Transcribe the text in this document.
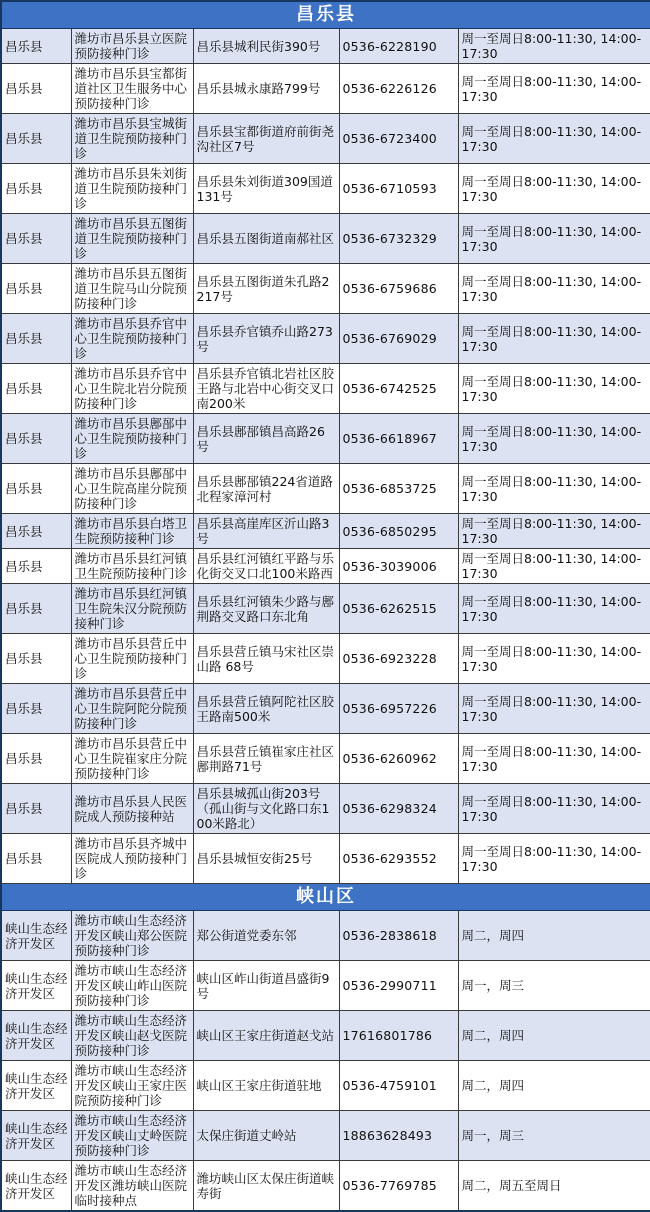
昌乐县				
昌乐县	潍坊市昌乐县立医院预防接种门诊	昌乐县城利民街390号	0536-6228190	周一至周日8:00-11:30, 14:00-17:30
昌乐县	潍坊市昌乐县宝都街道社区卫生服务中心预防接种门诊	昌乐县城永康路799号	0536-6226126	周一至周日8:00-11:30, 14:00-17:30
昌乐县	潍坊市昌乐县宝城街道卫生院预防接种门诊	昌乐县宝都街道府前街尧沟社区7号	0536-6723400	周一至周日8:00-11:30, 14:00-17:30
昌乐县	潍坊市昌乐县朱刘街道卫生院预防接种门诊	昌乐县朱刘街道309国道131号	0536-6710593	周一至周日8:00-11:30, 14:00-17:30
昌乐县	潍坊市昌乐县五图街道卫生院预防接种门诊	昌乐县五图街道南郝社区	0536-6732329	周一至周日8:00-11:30, 14:00-17:30
昌乐县	潍坊市昌乐县五图街道卫生院马山分院预防接种门诊	昌乐县五图街道朱孔路2217号	0536-6759686	周一至周日8:00-11:30, 14:00-17:30
昌乐县	潍坊市昌乐县乔官中心卫生院预防接种门诊	昌乐县乔官镇乔山路273号	0536-6769029	周一至周日8:00-11:30, 14:00-17:30
昌乐县	潍坊市昌乐县乔官中心卫生院北岩分院预防接种门诊	昌乐县乔官镇北岩社区胶王路与北岩中心街交叉口南200米	0536-6742525	周一至周日8:00-11:30, 14:00-17:30
昌乐县	潍坊市昌乐县鄌郚中心卫生院预防接种门诊	昌乐县鄌郚镇昌高路26号	0536-6618967	周一至周日8:00-11:30, 14:00-17:30
昌乐县	潍坊市昌乐县鄌郚中心卫生院高崖分院预防接种门诊	昌乐县鄌郚镇224省道路北程家漳河村	0536-6853725	周一至周日8:00-11:30, 14:00-17:30
昌乐县	潍坊市昌乐县白塔卫生院预防接种门诊	昌乐县高崖库区沂山路3号	0536-6850295	周一至周日8:00-11:30, 14:00-17:30
昌乐县	潍坊市昌乐县红河镇卫生院预防接种门诊	昌乐县红河镇红平路与乐化街交叉口北100米路西	0536-3039006	周一至周日8:00-11:30, 14:00-17:30
昌乐县	潍坊市昌乐县红河镇卫生院朱汉分院预防接种门诊	昌乐县红河镇朱少路与鄌荆路交叉路口东北角	0536-6262515	周一至周日8:00-11:30, 14:00-17:30
昌乐县	潍坊市昌乐县营丘中心卫生院预防接种门诊	昌乐县营丘镇马宋社区崇山路 68号	0536-6923228	周一至周日8:00-11:30, 14:00-17:30
昌乐县	潍坊市昌乐县营丘中心卫生院阿陀分院预防接种门诊	昌乐县营丘镇阿陀社区胶王路南500米	0536-6957226	周一至周日8:00-11:30, 14:00-17:30
昌乐县	潍坊市昌乐县营丘中心卫生院崔家庄分院预防接种门诊	昌乐县营丘镇崔家庄社区鄌荆路71号	0536-6260962	周一至周日8:00-11:30, 14:00-17:30
昌乐县	潍坊市昌乐县人民医院成人预防接种站	昌乐县城孤山街203号（孤山街与文化路口东100米路北）	0536-6298324	周一至周日8:00-11:30, 14:00-17:30
昌乐县	潍坊市昌乐县齐城中医院成人预防接种门诊	昌乐县城恒安街25号	0536-6293552	周一至周日8:00-11:30, 14:00-17:30
峡山区				
峡山生态经济开发区	潍坊市峡山生态经济开发区峡山郑公医院预防接种门诊	郑公街道党委东邻	0536-2838618	周二，周四
峡山生态经济开发区	潍坊市峡山生态经济开发区峡山岞山医院预防接种门诊	峡山区岞山街道昌盛街9号	0536-2990711	周一，周三
峡山生态经济开发区	潍坊市峡山生态经济开发区峡山赵戈医院预防接种门诊	峡山区王家庄街道赵戈站	17616801786	周二，周四
峡山生态经济开发区	潍坊市峡山生态经济开发区峡山王家庄医院预防接种门诊	峡山区王家庄街道驻地	0536-4759101	周二，周四
峡山生态经济开发区	潍坊市峡山生态经济开发区峡山丈岭医院预防接种门诊	太保庄街道丈岭站	18863628493	周一，周三
峡山生态经济开发区	潍坊市峡山生态经济开发区潍坊峡山医院临时接种点	潍坊峡山区太保庄街道峡寿街	0536-7769785	周二，周五至周日
